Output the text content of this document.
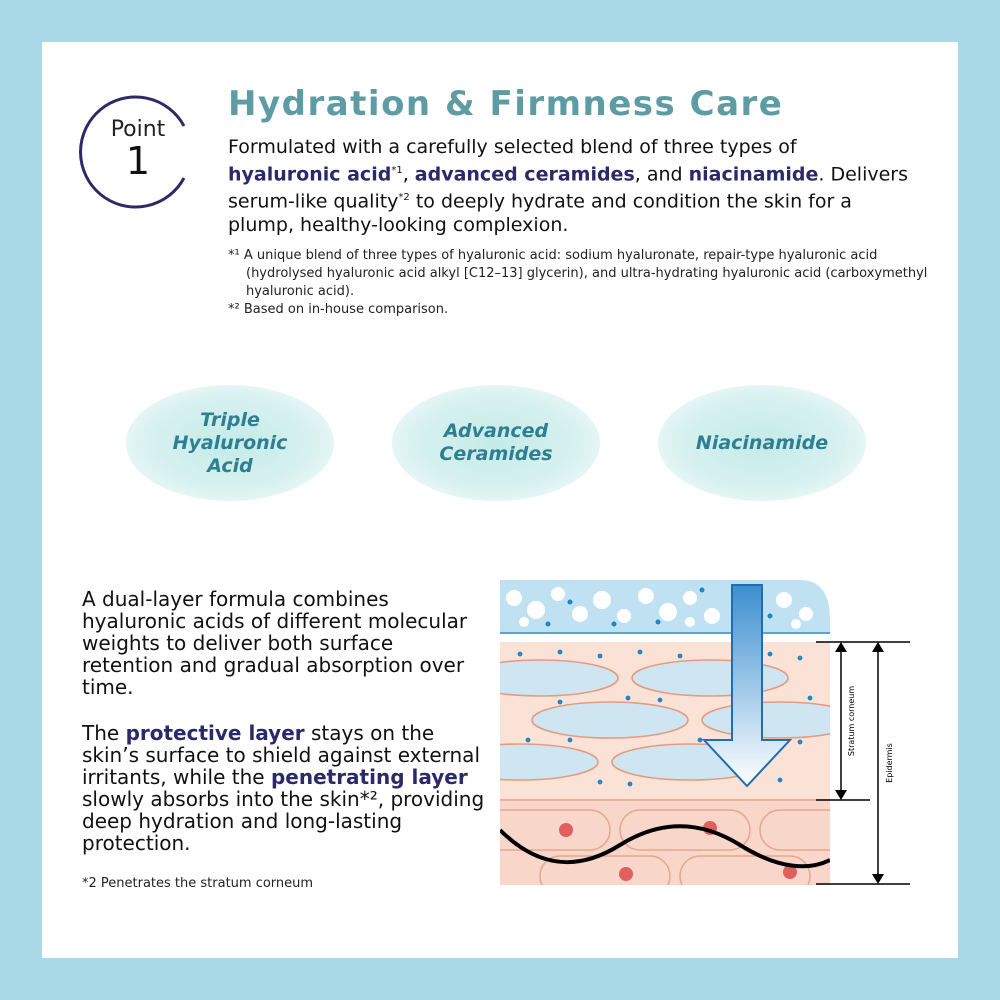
Point
1
Hydration & Firmness Care
Formulated with a carefully selected blend of three types of
hyaluronic acid$^{*1}$, advanced ceramides, and niacinamide. Delivers serum-like quality$^{*2}$ to deeply hydrate and condition the skin for a plump, healthy-looking complexion.
*¹ A unique blend of three types of hyaluronic acid: sodium hyaluronate, repair-type hyaluronic acid (hydrolysed hyaluronic acid alkyl [C12–13] glycerin), and ultra-hydrating hyaluronic acid (carboxymethyl hyaluronic acid).
*² Based on in-house comparison.
Triple
Hyaluronic
Acid
Advanced
Ceramides
Niacinamide
A dual-layer formula combines hyaluronic acids of different molecular weights to deliver both surface retention and gradual absorption over time.
The protective layer stays on the skin’s surface to shield against external irritants, while the penetrating layer slowly absorbs into the skin*², providing deep hydration and long-lasting protection.
*2 Penetrates the stratum corneum
Stratum corneum
Epidermis
